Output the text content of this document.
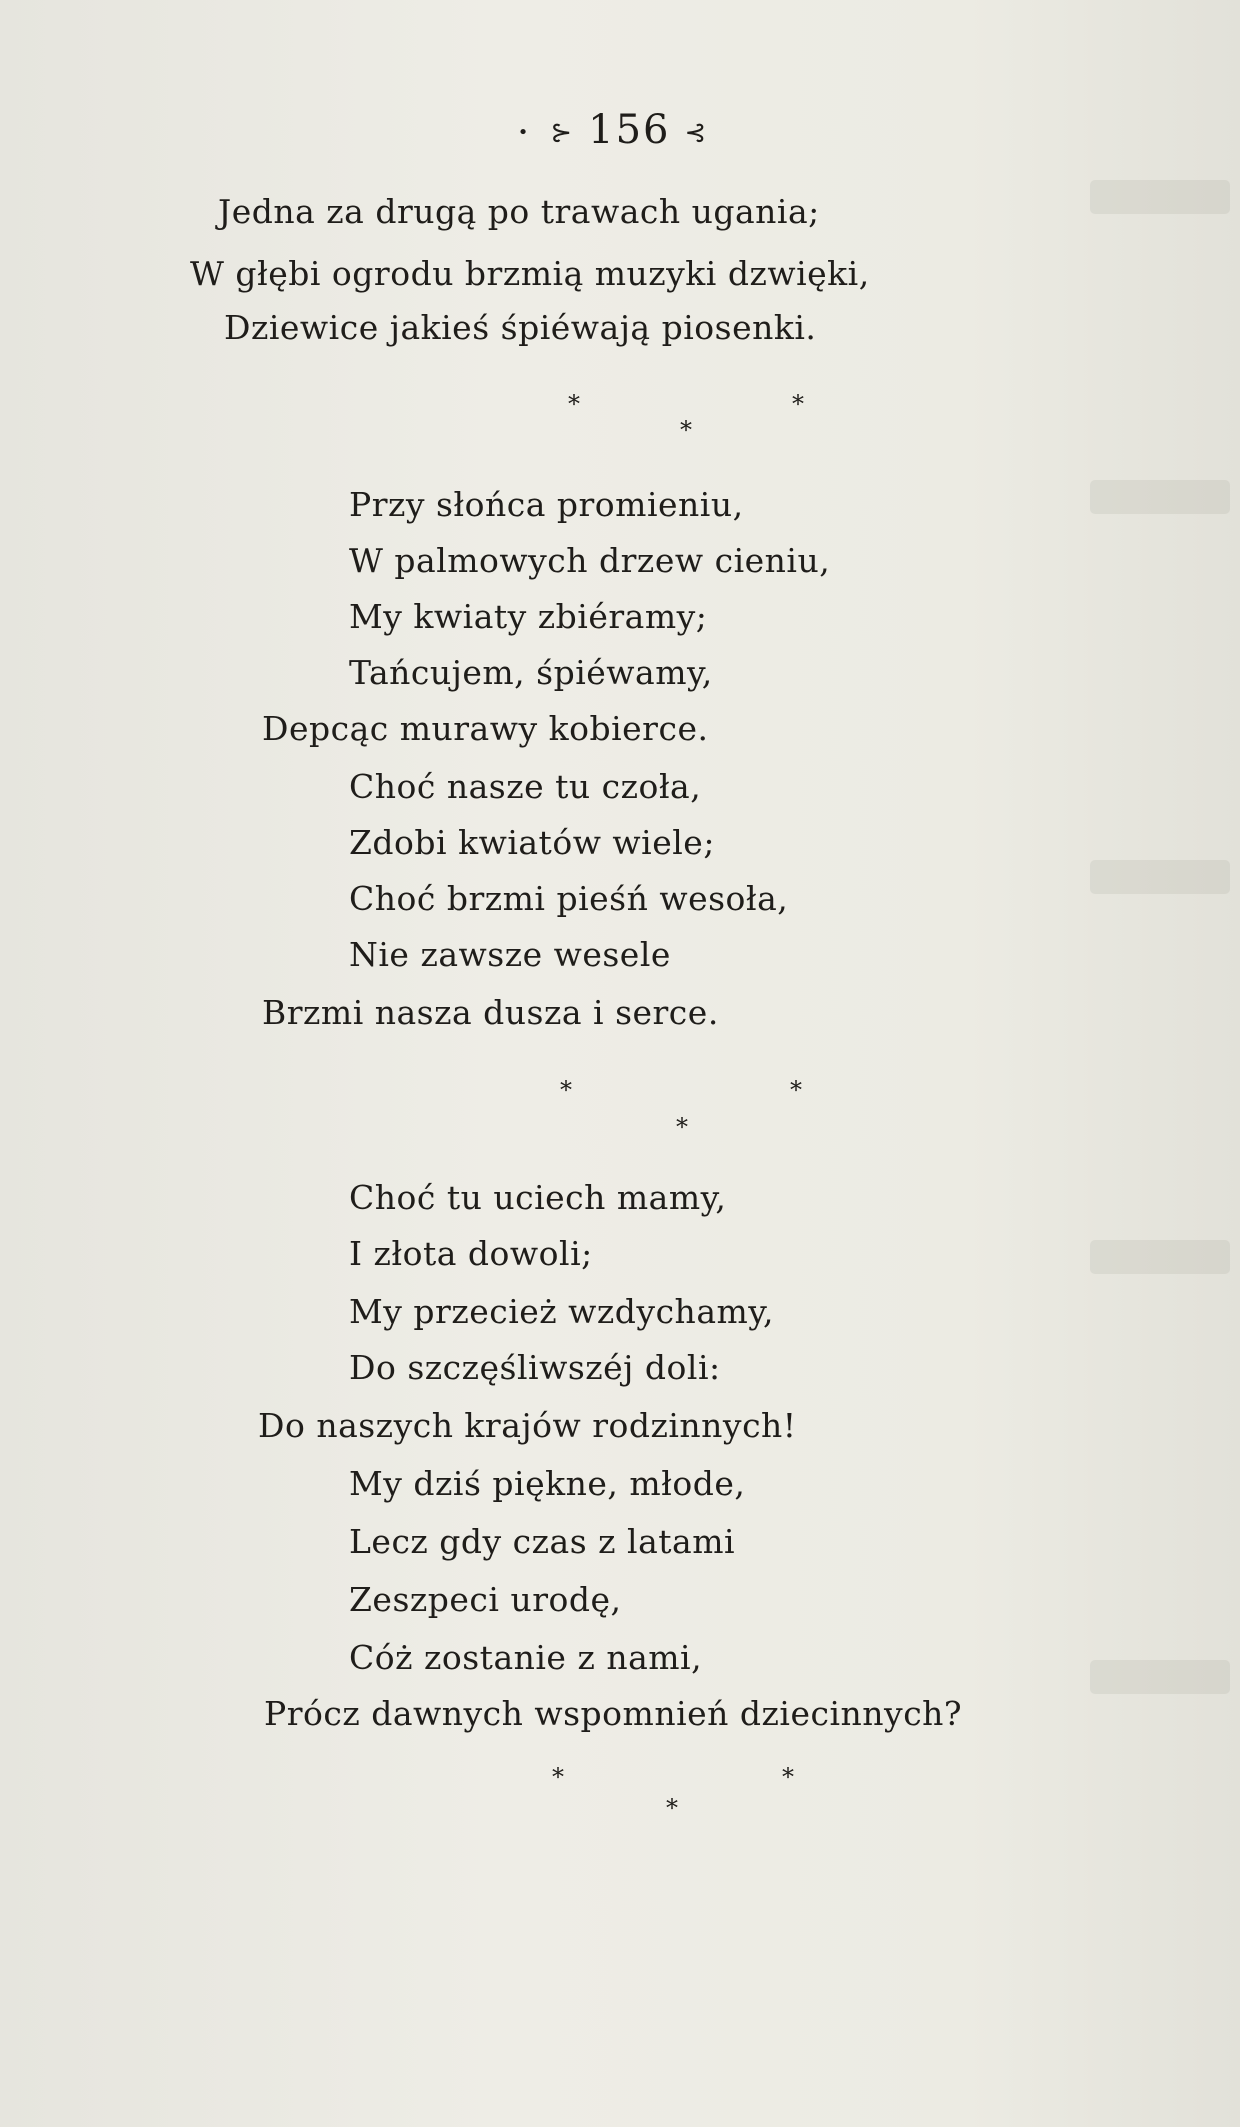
• ⊱ 156 ⊰
Jedna za drugą po trawach ugania;
W głębi ogrodu brzmią muzyki dzwięki,
Dziewice jakieś śpiéwają piosenki.
*	*
*
Przy słońca promieniu,
W palmowych drzew cieniu,
My kwiaty zbiéramy;
Tańcujem, śpiéwamy,
Depcąc murawy kobierce.
Choć nasze tu czoła,
Zdobi kwiatów wiele;
Choć brzmi pieśń wesoła,
Nie zawsze wesele
Brzmi nasza dusza i serce.
*	*
*
Choć tu uciech mamy,
I złota dowoli;
My przecież wzdychamy,
Do szczęśliwszéj doli:
Do naszych krajów rodzinnych!
My dziś piękne, młode,
Lecz gdy czas z latami
Zeszpeci urodę,
Cóż zostanie z nami,
Prócz dawnych wspomnień dziecinnych?
*	*
*
